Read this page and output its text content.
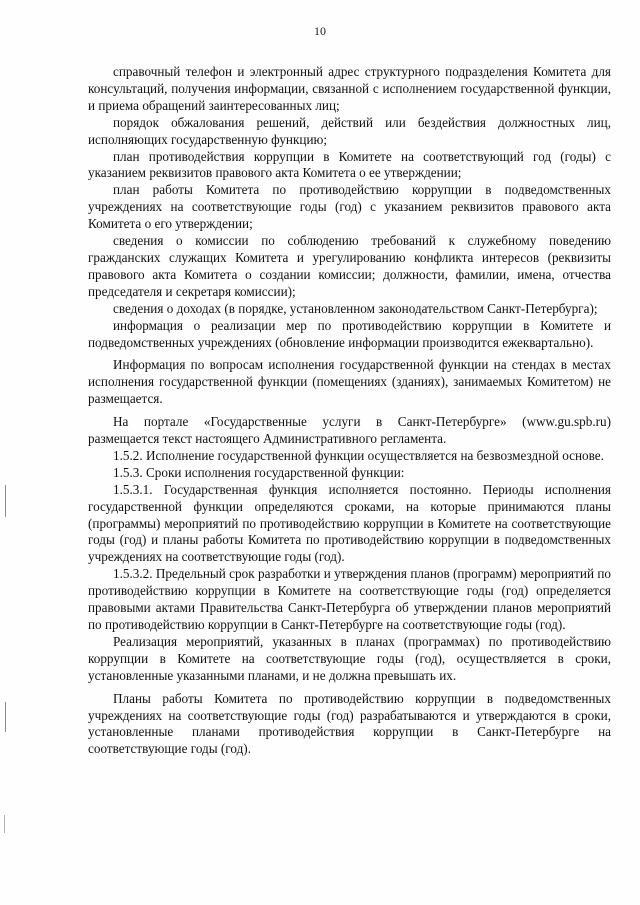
10

справочный телефон и электронный адрес структурного подразделения Комитета для консультаций, получения информации, связанной с исполнением государственной функции, и приема обращений заинтересованных лиц;

порядок обжалования решений, действий или бездействия должностных лиц, исполняющих государственную функцию;

план противодействия коррупции в Комитете на соответствующий год (годы) с указанием реквизитов правового акта Комитета о ее утверждении;

план работы Комитета по противодействию коррупции в подведомственных учреждениях на соответствующие годы (год) с указанием реквизитов правового акта Комитета о его утверждении;

сведения о комиссии по соблюдению требований к служебному поведению гражданских служащих Комитета и урегулированию конфликта интересов (реквизиты правового акта Комитета о создании комиссии; должности, фамилии, имена, отчества председателя и секретаря комиссии);

сведения о доходах (в порядке, установленном законодательством Санкт-Петербурга);

информация о реализации мер по противодействию коррупции в Комитете и подведомственных учреждениях (обновление информации производится ежеквартально).

Информация по вопросам исполнения государственной функции на стендах в местах исполнения государственной функции (помещениях (зданиях), занимаемых Комитетом) не размещается.

На портале «Государственные услуги в Санкт-Петербурге» (www.gu.spb.ru) размещается текст настоящего Административного регламента.

1.5.2. Исполнение государственной функции осуществляется на безвозмездной основе.

1.5.3. Сроки исполнения государственной функции:

1.5.3.1. Государственная функция исполняется постоянно. Периоды исполнения государственной функции определяются сроками, на которые принимаются планы (программы) мероприятий по противодействию коррупции в Комитете на соответствующие годы (год) и планы работы Комитета по противодействию коррупции в подведомственных учреждениях на соответствующие годы (год).

1.5.3.2. Предельный срок разработки и утверждения планов (программ) мероприятий по противодействию коррупции в Комитете на соответствующие годы (год) определяется правовыми актами Правительства Санкт-Петербурга об утверждении планов мероприятий по противодействию коррупции в Санкт-Петербурге на соответствующие годы (год).

Реализация мероприятий, указанных в планах (программах) по противодействию коррупции в Комитете на соответствующие годы (год), осуществляется в сроки, установленные указанными планами, и не должна превышать их.

Планы работы Комитета по противодействию коррупции в подведомственных учреждениях на соответствующие годы (год) разрабатываются и утверждаются в сроки, установленные планами противодействия коррупции в Санкт-Петербурге на соответствующие годы (год).
